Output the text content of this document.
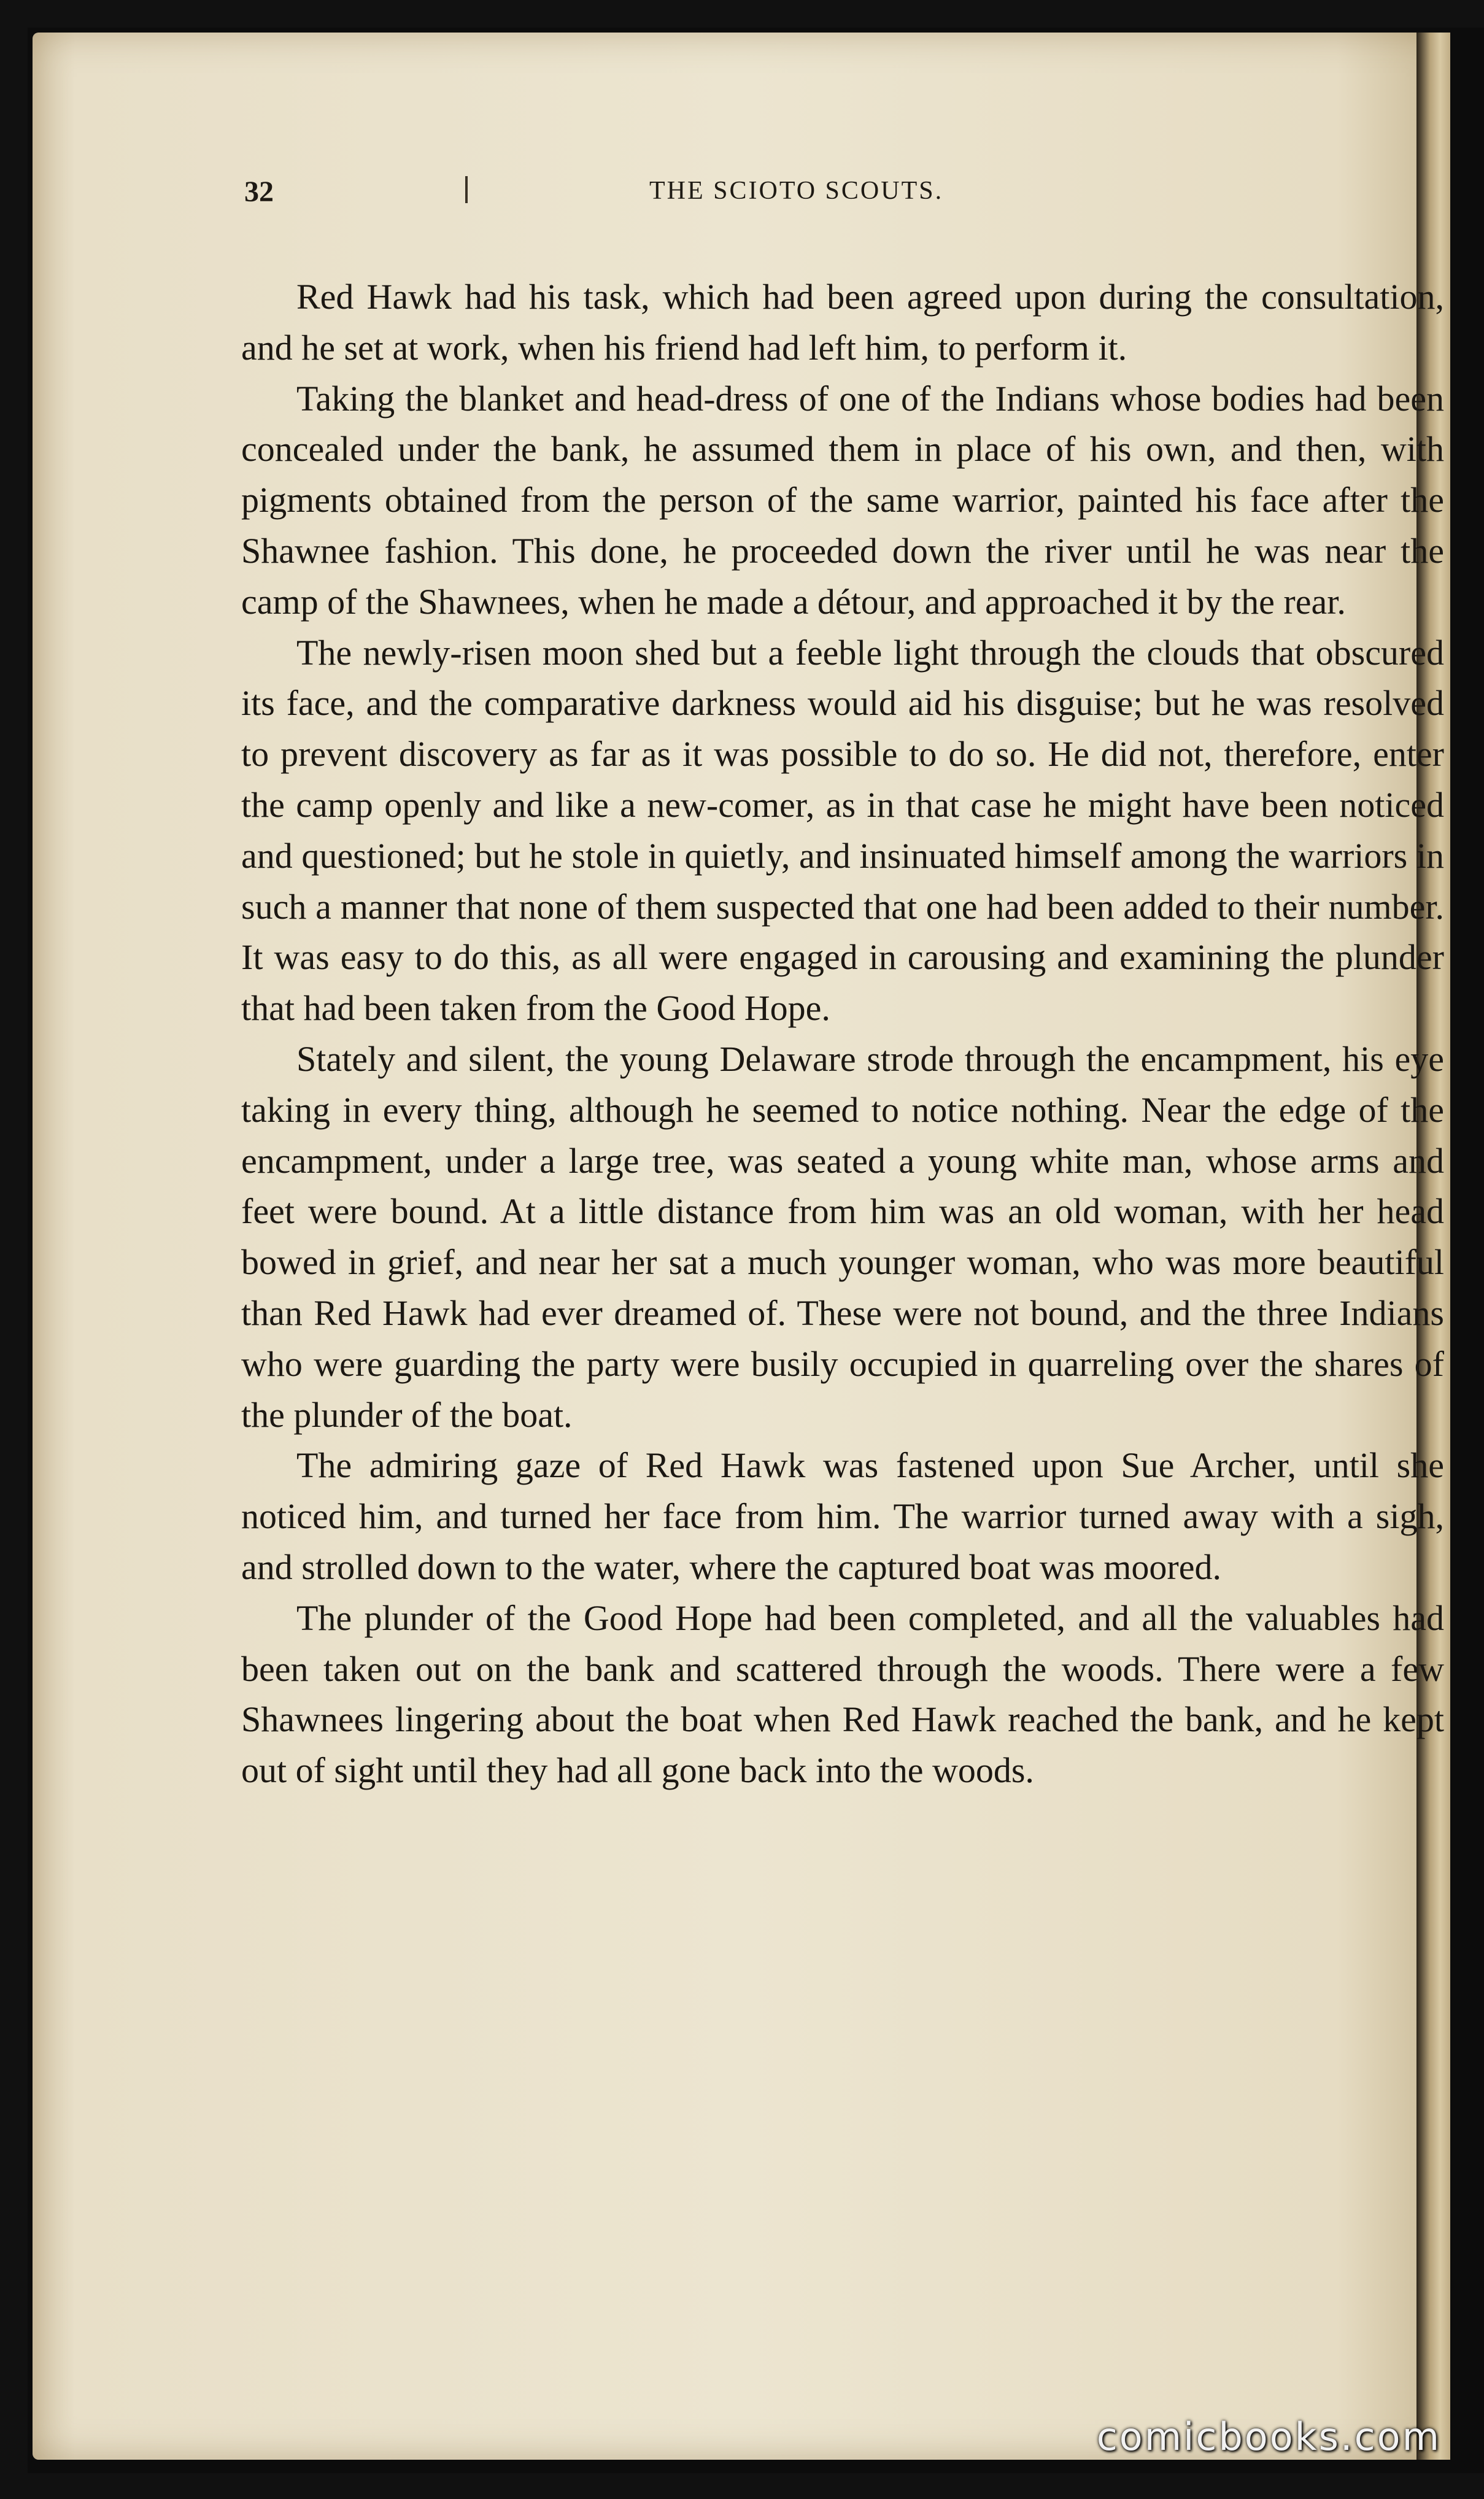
32	THE SCIOTO SCOUTS.

Red Hawk had his task, which had been agreed upon during the consultation, and he set at work, when his friend had left him, to perform it.

Taking the blanket and head-dress of one of the Indians whose bodies had been concealed under the bank, he assumed them in place of his own, and then, with pigments obtained from the person of the same warrior, painted his face after the Shawnee fashion. This done, he proceeded down the river until he was near the camp of the Shawnees, when he made a détour, and approached it by the rear.

The newly-risen moon shed but a feeble light through the clouds that obscured its face, and the comparative darkness would aid his disguise; but he was resolved to prevent discovery as far as it was possible to do so. He did not, therefore, enter the camp openly and like a new-comer, as in that case he might have been noticed and questioned; but he stole in quietly, and insinuated himself among the warriors in such a manner that none of them suspected that one had been added to their number. It was easy to do this, as all were engaged in carousing and examining the plunder that had been taken from the Good Hope.

Stately and silent, the young Delaware strode through the encampment, his eye taking in every thing, although he seemed to notice nothing. Near the edge of the encampment, under a large tree, was seated a young white man, whose arms and feet were bound. At a little distance from him was an old woman, with her head bowed in grief, and near her sat a much younger woman, who was more beautiful than Red Hawk had ever dreamed of. These were not bound, and the three Indians who were guarding the party were busily occupied in quarreling over the shares of the plunder of the boat.

The admiring gaze of Red Hawk was fastened upon Sue Archer, until she noticed him, and turned her face from him. The warrior turned away with a sigh, and strolled down to the water, where the captured boat was moored.

The plunder of the Good Hope had been completed, and all the valuables had been taken out on the bank and scattered through the woods. There were a few Shawnees lingering about the boat when Red Hawk reached the bank, and he kept out of sight until they had all gone back into the woods.

comicbooks.com
